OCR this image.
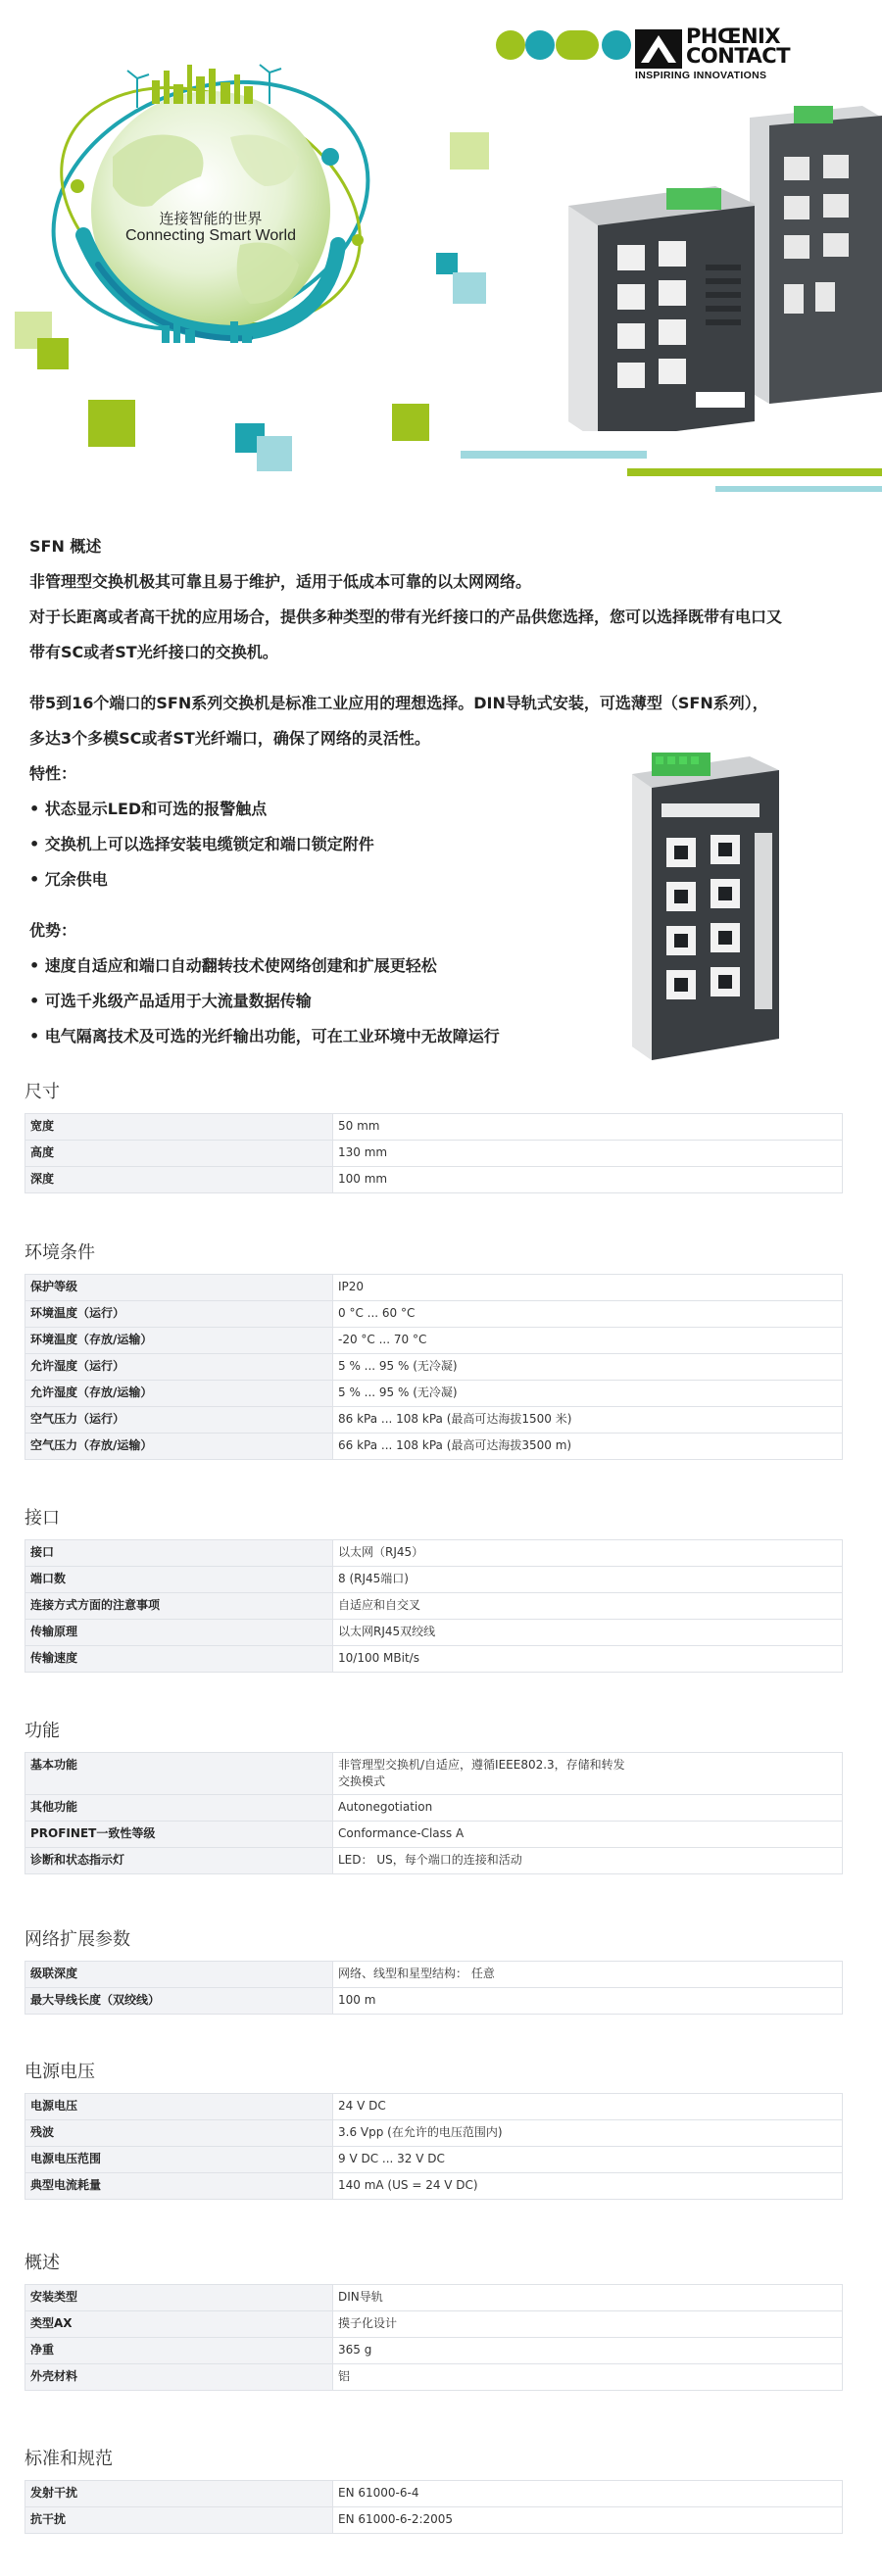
连接智能的世界
Connecting Smart World
PHŒNIX
CONTACT
INSPIRING INNOVATIONS

SFN 概述

非管理型交换机极其可靠且易于维护，适用于低成本可靠的以太网网络。

对于长距离或者高干扰的应用场合，提供多种类型的带有光纤接口的产品供您选择，您可以选择既带有电口又

带有SC或者ST光纤接口的交换机。

带5到16个端口的SFN系列交换机是标准工业应用的理想选择。DIN导轨式安装，可选薄型（SFN系列），

多达3个多模SC或者ST光纤端口，确保了网络的灵活性。

特性：

• 状态显示LED和可选的报警触点

• 交换机上可以选择安装电缆锁定和端口锁定附件

• 冗余供电

优势：

• 速度自适应和端口自动翻转技术使网络创建和扩展更轻松

• 可选千兆级产品适用于大流量数据传输

• 电气隔离技术及可选的光纤输出功能，可在工业环境中无故障运行

尺寸
宽度	50 mm
高度	130 mm
深度	100 mm
环境条件
保护等级	IP20
环境温度（运行）	0 °C ... 60 °C
环境温度（存放/运输）	-20 °C ... 70 °C
允许湿度（运行）	5 % ... 95 % (无冷凝)
允许湿度（存放/运输）	5 % ... 95 % (无冷凝)
空气压力（运行）	86 kPa ... 108 kPa (最高可达海拔1500 米)
空气压力（存放/运输）	66 kPa ... 108 kPa (最高可达海拔3500 m)
接口
接口	以太网（RJ45）
端口数	8 (RJ45端口)
连接方式方面的注意事项	自适应和自交叉
传输原理	以太网RJ45双绞线
传输速度	10/100 MBit/s
功能
基本功能	非管理型交换机/自适应，遵循IEEE802.3，存储和转发
交换模式
其他功能	Autonegotiation
PROFINET一致性等级	Conformance-Class A
诊断和状态指示灯	LED： US，每个端口的连接和活动
网络扩展参数
级联深度	网络、线型和星型结构： 任意
最大导线长度（双绞线）	100 m
电源电压
电源电压	24 V DC
残波	3.6 Vpp (在允许的电压范围内)
电源电压范围	9 V DC ... 32 V DC
典型电流耗量	140 mA (US = 24 V DC)
概述
安装类型	DIN导轨
类型AX	摸子化设计
净重	365 g
外壳材料	铝
标准和规范
发射干扰	EN 61000-6-4
抗干扰	EN 61000-6-2:2005
